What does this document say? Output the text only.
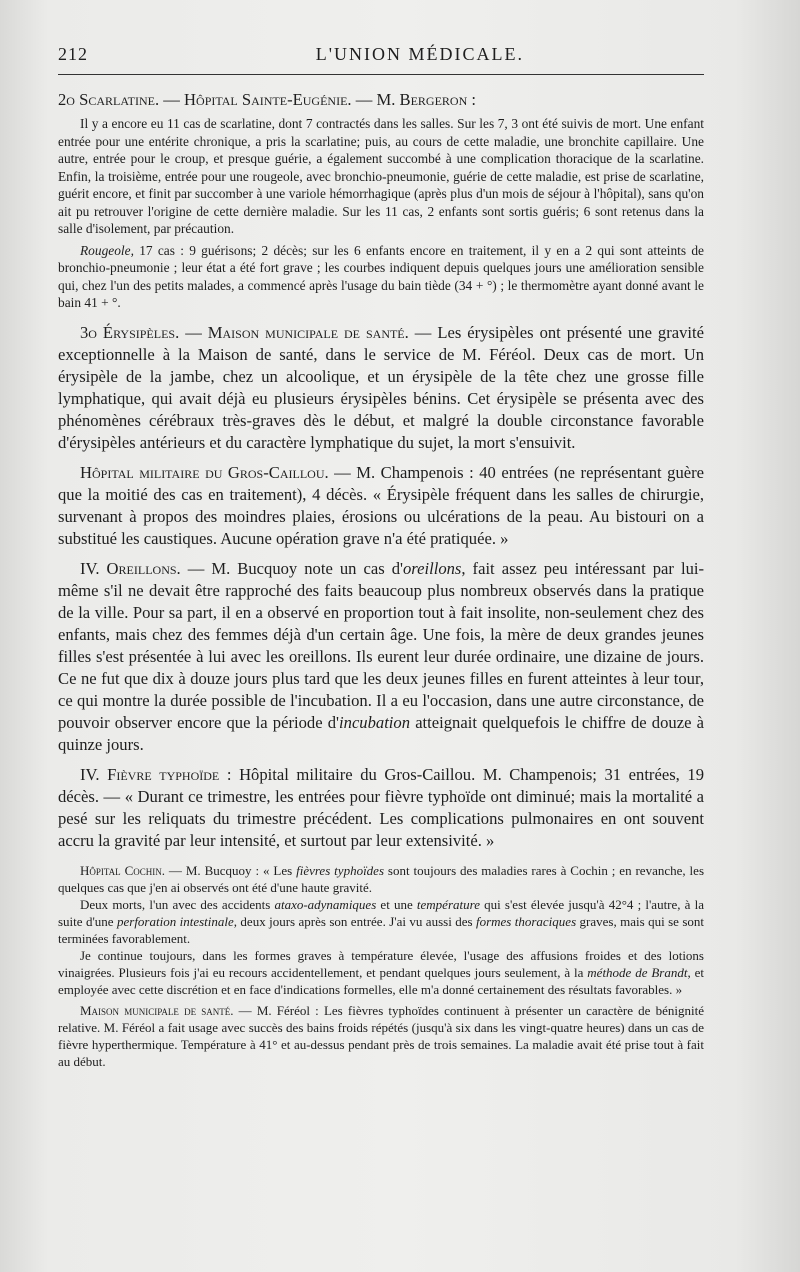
212	L'UNION MÉDICALE.

2o Scarlatine. — Hôpital Sainte-Eugénie. — M. Bergeron :

Il y a encore eu 11 cas de scarlatine, dont 7 contractés dans les salles. Sur les 7, 3 ont été suivis de mort. Une enfant entrée pour une entérite chronique, a pris la scarlatine; puis, au cours de cette maladie, une bronchite capillaire. Une autre, entrée pour le croup, et presque guérie, a également succombé à une complication thoracique de la scarlatine. Enfin, la troisième, entrée pour une rougeole, avec bronchio-pneumonie, guérie de cette maladie, est prise de scarlatine, guérit encore, et finit par succomber à une variole hémorrhagique (après plus d'un mois de séjour à l'hôpital), sans qu'on ait pu retrouver l'origine de cette dernière maladie. Sur les 11 cas, 2 enfants sont sortis guéris; 6 sont retenus dans la salle d'isolement, par précaution.

Rougeole, 17 cas : 9 guérisons; 2 décès; sur les 6 enfants encore en traitement, il y en a 2 qui sont atteints de bronchio-pneumonie ; leur état a été fort grave ; les courbes indiquent depuis quelques jours une amélioration sensible qui, chez l'un des petits malades, a commencé après l'usage du bain tiède (34 + °) ; le thermomètre ayant donné avant le bain 41 + °.

3o Érysipèles. — Maison municipale de santé. — Les érysipèles ont présenté une gravité exceptionnelle à la Maison de santé, dans le service de M. Féréol. Deux cas de mort. Un érysipèle de la jambe, chez un alcoolique, et un érysipèle de la tête chez une grosse fille lymphatique, qui avait déjà eu plusieurs érysipèles bénins. Cet érysipèle se présenta avec des phénomènes cérébraux très-graves dès le début, et malgré la double circonstance favorable d'érysipèles antérieurs et du caractère lymphatique du sujet, la mort s'ensuivit.

Hôpital militaire du Gros-Caillou. — M. Champenois : 40 entrées (ne représentant guère que la moitié des cas en traitement), 4 décès. « Érysipèle fréquent dans les salles de chirurgie, survenant à propos des moindres plaies, érosions ou ulcérations de la peau. Au bistouri on a substitué les caustiques. Aucune opération grave n'a été pratiquée. »

IV. Oreillons. — M. Bucquoy note un cas d'oreillons, fait assez peu intéressant par lui-même s'il ne devait être rapproché des faits beaucoup plus nombreux observés dans la pratique de la ville. Pour sa part, il en a observé en proportion tout à fait insolite, non-seulement chez des enfants, mais chez des femmes déjà d'un certain âge. Une fois, la mère de deux grandes jeunes filles s'est présentée à lui avec les oreillons. Ils eurent leur durée ordinaire, une dizaine de jours. Ce ne fut que dix à douze jours plus tard que les deux jeunes filles en furent atteintes à leur tour, ce qui montre la durée possible de l'incubation. Il a eu l'occasion, dans une autre circonstance, de pouvoir observer encore que la période d'incubation atteignait quelquefois le chiffre de douze à quinze jours.

IV. Fièvre typhoïde : Hôpital militaire du Gros-Caillou. M. Champenois; 31 entrées, 19 décès. — « Durant ce trimestre, les entrées pour fièvre typhoïde ont diminué; mais la mortalité a pesé sur les reliquats du trimestre précédent. Les complications pulmonaires en ont souvent accru la gravité par leur intensité, et surtout par leur extensivité. »

Hôpital Cochin. — M. Bucquoy : « Les fièvres typhoïdes sont toujours des maladies rares à Cochin ; en revanche, les quelques cas que j'en ai observés ont été d'une haute gravité.

Deux morts, l'un avec des accidents ataxo-adynamiques et une température qui s'est élevée jusqu'à 42°4 ; l'autre, à la suite d'une perforation intestinale, deux jours après son entrée. J'ai vu aussi des formes thoraciques graves, mais qui se sont terminées favorablement.

Je continue toujours, dans les formes graves à température élevée, l'usage des affusions froides et des lotions vinaigrées. Plusieurs fois j'ai eu recours accidentellement, et pendant quelques jours seulement, à la méthode de Brandt, et employée avec cette discrétion et en face d'indications formelles, elle m'a donné certainement des résultats favorables. »

Maison municipale de santé. — M. Féréol : Les fièvres typhoïdes continuent à présenter un caractère de bénignité relative. M. Féréol a fait usage avec succès des bains froids répétés (jusqu'à six dans les vingt-quatre heures) dans un cas de fièvre hyperthermique. Température à 41° et au-dessus pendant près de trois semaines. La maladie avait été prise tout à fait au début.
